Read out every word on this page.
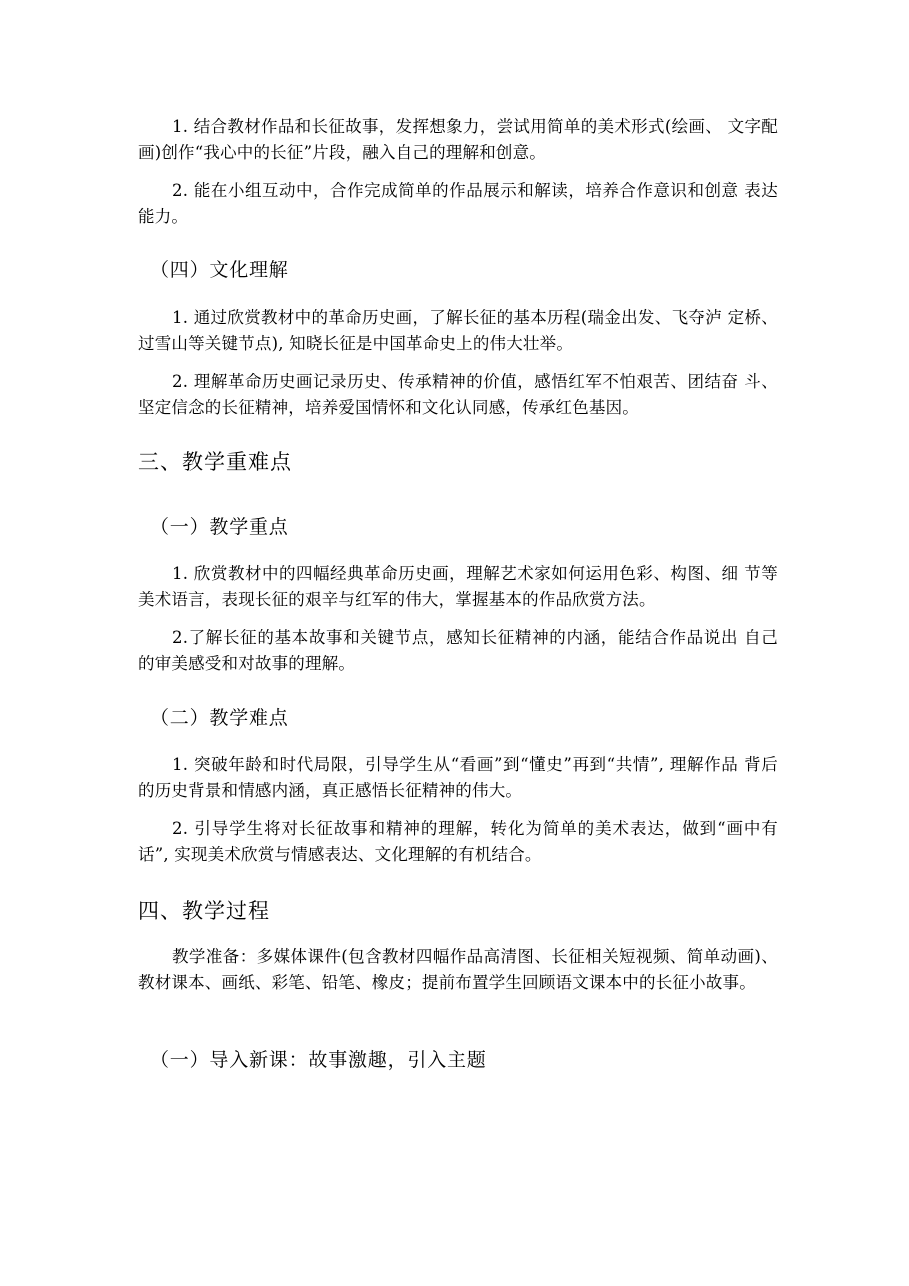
1. 结合教材作品和长征故事，发挥想象力，尝试用简单的美术形式(绘画、 文字配画)创作“我心中的长征”片段，融入自己的理解和创意。

2. 能在小组互动中，合作完成简单的作品展示和解读，培养合作意识和创意 表达能力。

（四）文化理解

1. 通过欣赏教材中的革命历史画，了解长征的基本历程(瑞金出发、飞夺泸 定桥、过雪山等关键节点), 知晓长征是中国革命史上的伟大壮举。

2. 理解革命历史画记录历史、传承精神的价值，感悟红军不怕艰苦、团结奋 斗、坚定信念的长征精神，培养爱国情怀和文化认同感，传承红色基因。

三、教学重难点
（一）教学重点

1. 欣赏教材中的四幅经典革命历史画，理解艺术家如何运用色彩、构图、细 节等美术语言，表现长征的艰辛与红军的伟大，掌握基本的作品欣赏方法。

2.了解长征的基本故事和关键节点，感知长征精神的内涵，能结合作品说出 自己的审美感受和对故事的理解。

（二）教学难点

1. 突破年龄和时代局限，引导学生从“看画”到“懂史”再到“共情”, 理解作品 背后的历史背景和情感内涵，真正感悟长征精神的伟大。

2. 引导学生将对长征故事和精神的理解，转化为简单的美术表达，做到“画中有话”, 实现美术欣赏与情感表达、文化理解的有机结合。

四、教学过程

教学准备：多媒体课件(包含教材四幅作品高清图、长征相关短视频、简单动画)、教材课本、画纸、彩笔、铅笔、橡皮；提前布置学生回顾语文课本中的长征小故事。

（一）导入新课：故事激趣，引入主题
